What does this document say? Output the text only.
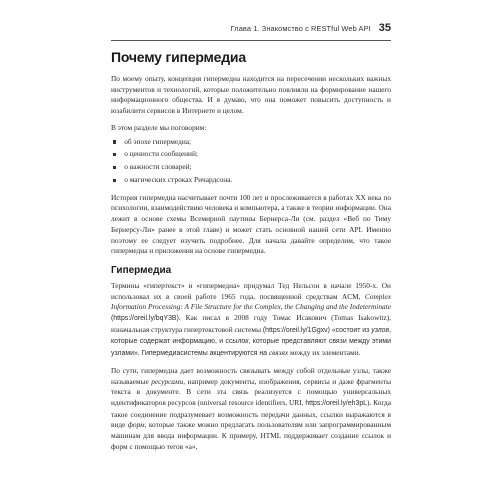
Глава 1. Знакомство с RESTful Web API 35
Почему гипермедиа

По моему опыту, концепция гипермедиа находится на пересечении нескольких важных инструментов и технологий, которые положительно повлияли на формирование нашего информационного общества. И я думаю, что она поможет повысить доступность и юзабилити сервисов в Интернете и целом.

В этом разделе мы поговорим:

об эпохе гипермедиа;
о ценности сообщений;
о важности словарей;
о магических строках Ричардсона.

История гипермедиа насчитывает почти 100 лет и прослеживается в работах XX века по психологии, взаимодействию человека и компьютера, а также в теории информации. Она лежит в основе схемы Всемирной паутины Бернерса-Ли (см. раздел «Веб по Тиму Бернерсу-Ли» ранее в этой главе) и может стать основной нашей сети API. Именно поэтому ее следует изучить подробнее. Для начала давайте определим, что такое гипермедиа и приложения на основе гипермедиа.

Гипермедиа

Термины «гипертекст» и «гипермедиа» придумал Тед Нельсон в начале 1950-х. Он использовал их в своей работе 1965 года, посвященной средствам ACM, Complex Information Processing: A File Structure for the Complex, the Changing and the Indeterminate (https://oreil.ly/bqY3B). Как писал в 2008 году Томас Исакович (Tomas Isakowitz), изначальная структура гипертекстовой системы (https://oreil.ly/1Ggxv) «состоит из узлов, которые содержат информацию, и ссылок, которые представляют связи между этими узлами». Гипермедиасистемы акцентируются на связях между их элементами.

По сути, гипермедиа дает возможность связывать между собой отдельные узлы, также называемые ресурсами, например документы, изображения, сервисы и даже фрагменты текста в документе. В сети эта связь реализуется с помощью универсальных идентификаторов ресурсов (universal resource identifiers, URI, https://oreil.ly/eh3pL). Когда такое соединение подразумевает возможность передачи данных, ссылки выражаются в виде форм, которые также можно предлагать пользователям или запрограммированным машинам для ввода информации. К примеру, HTML поддерживает создание ссылок и форм с помощью тегов «a»,
